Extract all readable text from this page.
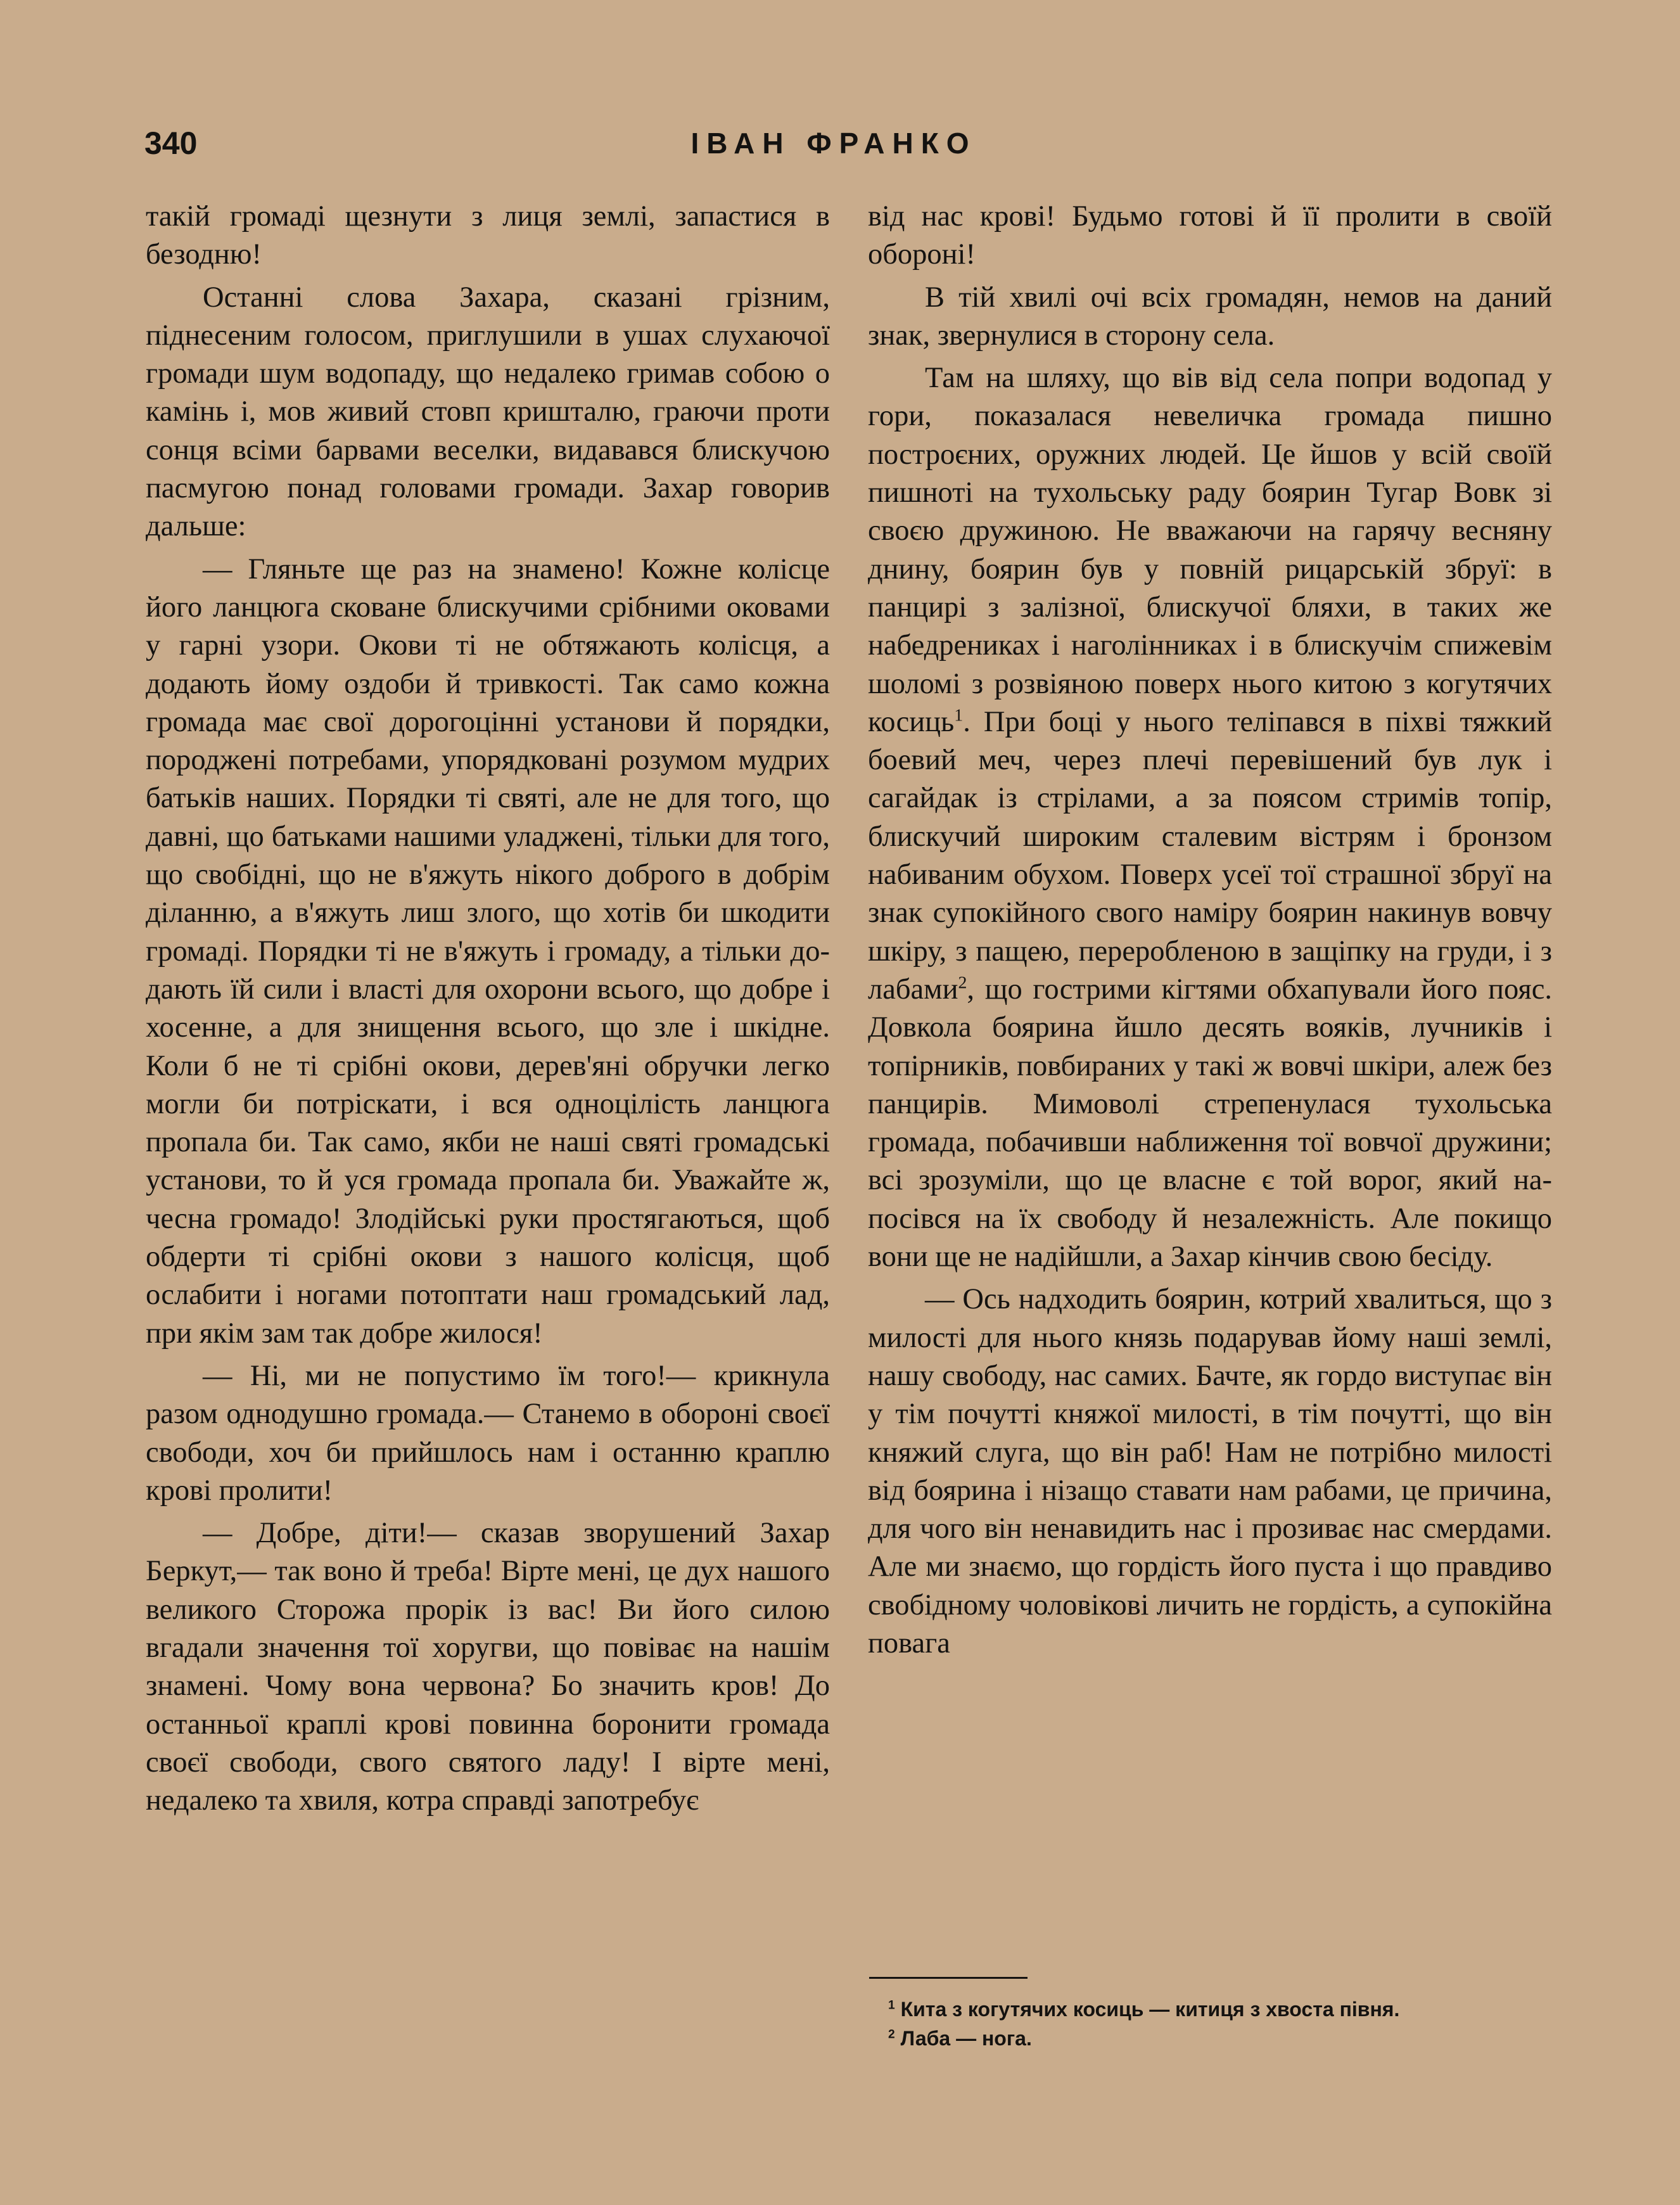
340	ІВАН ФРАНКО

такій громаді щезнути з лиця землі, запастися в безодню!

Останні слова Захара, сказані грізним, піднесеним голосом, приглушили в ушах слухаючої громади шум водопаду, що недалеко гримав собою о камінь і, мов живий стовп кришталю, граючи проти сонця всіми барвами веселки, видавався блискучою пасмугою понад головами громади. Захар говорив дальше:

— Гляньте ще раз на знамено! Кожне колісце його ланцюга сковане блискучими срібними оковами у гарні узори. Окови ті не обтяжають колісця, а додають йому оздоби й тривкості. Так само кожна громада має свої дорогоцінні установи й порядки, породжені потребами, упорядковані розумом мудрих батьків наших. Порядки ті святі, але не для того, що давні, що батьками нашими уладжені, тільки для того, що свобідні, що не в'яжуть нікого доброго в добрім діланню, а в'яжуть лиш злого, що хотів би шкодити громаді. Порядки ті не в'яжуть і громаду, а тільки додають їй сили і власті для охорони всього, що добре і хосенне, а для знищення всього, що зле і шкідне. Коли б не ті срібні окови, дерев'яні обручки легко могли би потріскати, і вся одноцілість ланцюга пропала би. Так само, якби не наші святі громадські установи, то й уся громада пропала би. Уважайте ж, чесна громадо! Злодійські руки простягаються, щоб обдерти ті срібні окови з нашого колісця, щоб ослабити і ногами потоптати наш громадський лад, при якім зам так добре жилося!

— Ні, ми не попустимо їм того!— крикнула разом однодушно громада.— Станемо в обороні своєї свободи, хоч би прийшлось нам і останню краплю крові пролити!

— Добре, діти!— сказав зворушений Захар Беркут,— так воно й треба! Вірте мені, це дух нашого великого Сторожа прорік із вас! Ви його силою вгадали значення тої хоругви, що повіває на нашім знамені. Чому вона червона? Бо значить кров! До останньої краплі крові повинна боронити громада своєї свободи, свого святого ладу! І вірте мені, недалеко та хвиля, котра справді запотребує

від нас крові! Будьмо готові й її пролити в своїй обороні!

В тій хвилі очі всіх громадян, немов на даний знак, звернулися в сторону села.

Там на шляху, що вів від села попри водопад у гори, показалася невеличка громада пишно построєних, оружних людей. Це йшов у всій своїй пишноті на тухольську раду боярин Тугар Вовк зі своєю дружиною. Не вважаючи на гарячу весняну днину, боярин був у повній рицарській збруї: в панцирі з залізної, блискучої бляхи, в таких же набедрениках і наголінниках і в блискучім спижевім шоломі з розвіяною поверх нього китою з когутячих косиць$^1$. При боці у нього теліпався в піхві тяжкий боевий меч, через плечі перевішений був лук і сагайдак із стрілами, а за поясом стримів топір, блискучий широким сталевим вістрям і бронзом набиваним обухом. Поверх усеї тої страшної збруї на знак супокійного свого наміру боярин накинув вовчу шкіру, з пащею, переробленою в защіпку на груди, і з лабами$^2$, що гострими кігтями обхапували його пояс. Довкола боярина йшло десять вояків, лучників і топірників, повбираних у такі ж вовчі шкіри, алеж без панцирів. Мимоволі стрепенулася тухольська громада, побачивши наближення тої вовчої дружини; всі зрозуміли, що це власне є той ворог, який напосівся на їх свободу й незалежність. Але покищо вони ще не надійшли, а Захар кінчив свою бесіду.

— Ось надходить боярин, котрий хвалиться, що з милості для нього князь подарував йому наші землі, нашу свободу, нас самих. Бачте, як гордо виступає він у тім почутті княжої милості, в тім почутті, що він княжий слуга, що він раб! Нам не потрібно милості від боярина і нізащо ставати нам рабами, це причина, для чого він ненавидить нас і прозиває нас смердами. Але ми знаємо, що гордість його пуста і що правдиво свобідному чоловікові личить не гордість, а супокійна повага

$^1$ Кита з когутячих косиць — китиця з хвоста півня.

$^2$ Лаба — нога.
